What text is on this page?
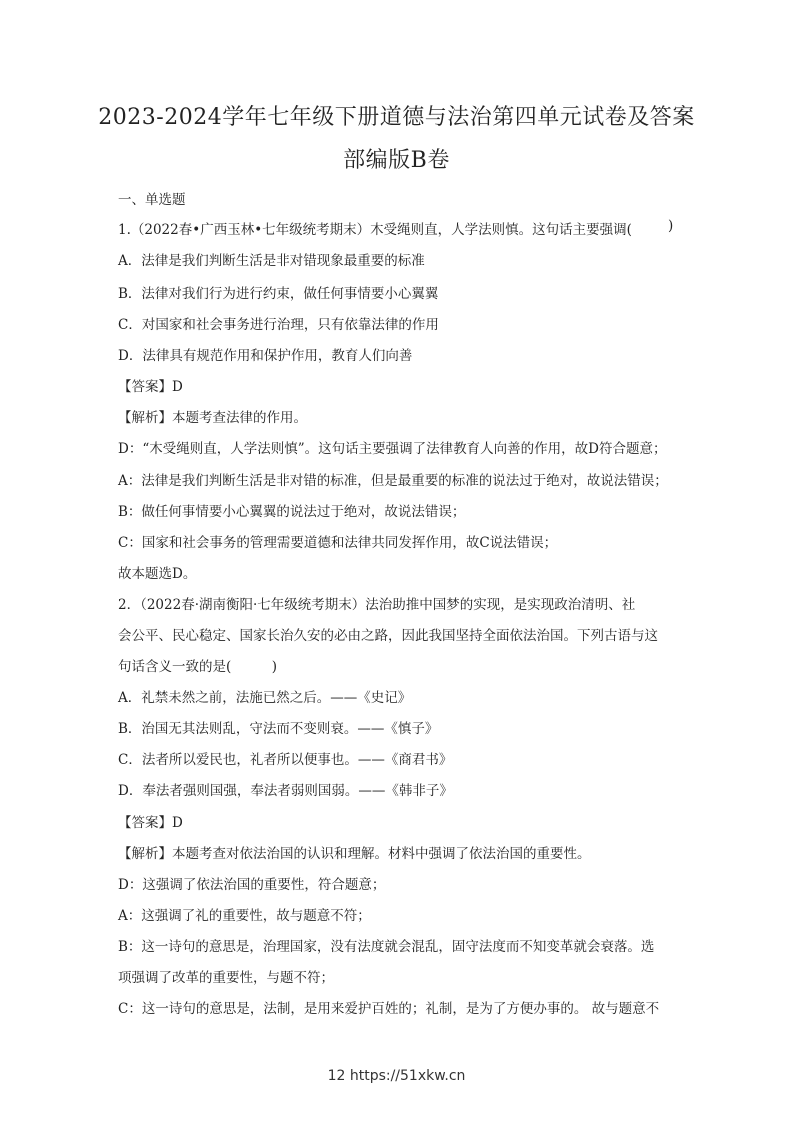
2023-2024学年七年级下册道德与法治第四单元试卷及答案
部编版B卷
一、单选题
1.（2022春•广西玉林•七年级统考期末）木受绳则直，人学法则慎。这句话主要强调(	)
A．法律是我们判断生活是非对错现象最重要的标准
B．法律对我们行为进行约束，做任何事情要小心翼翼
C．对国家和社会事务进行治理，只有依靠法律的作用
D．法律具有规范作用和保护作用，教育人们向善
【答案】D
【解析】本题考查法律的作用。
D：“木受绳则直，人学法则慎”。这句话主要强调了法律教育人向善的作用，故D符合题意；
A：法律是我们判断生活是非对错的标准，但是最重要的标准的说法过于绝对，故说法错误；
B：做任何事情要小心翼翼的说法过于绝对，故说法错误；
C：国家和社会事务的管理需要道德和法律共同发挥作用，故C说法错误；
故本题选D。
2．（2022春·湖南衡阳·七年级统考期末）法治助推中国梦的实现，是实现政治清明、社
会公平、民心稳定、国家长治久安的必由之路，因此我国坚持全面依法治国。下列古语与这
句话含义一致的是(　　　)
A．礼禁未然之前，法施已然之后。——《史记》
B．治国无其法则乱，守法而不变则衰。——《慎子》
C．法者所以爱民也，礼者所以便事也。——《商君书》
D．奉法者强则国强，奉法者弱则国弱。——《韩非子》
【答案】D
【解析】本题考查对依法治国的认识和理解。材料中强调了依法治国的重要性。
D：这强调了依法治国的重要性，符合题意；
A：这强调了礼的重要性，故与题意不符；
B：这一诗句的意思是，治理国家，没有法度就会混乱，固守法度而不知变革就会衰落。选
项强调了改革的重要性，与题不符；
C：这一诗句的意思是，法制，是用来爱护百姓的；礼制，是为了方便办事的。 故与题意不
12 https://51xkw.cn
